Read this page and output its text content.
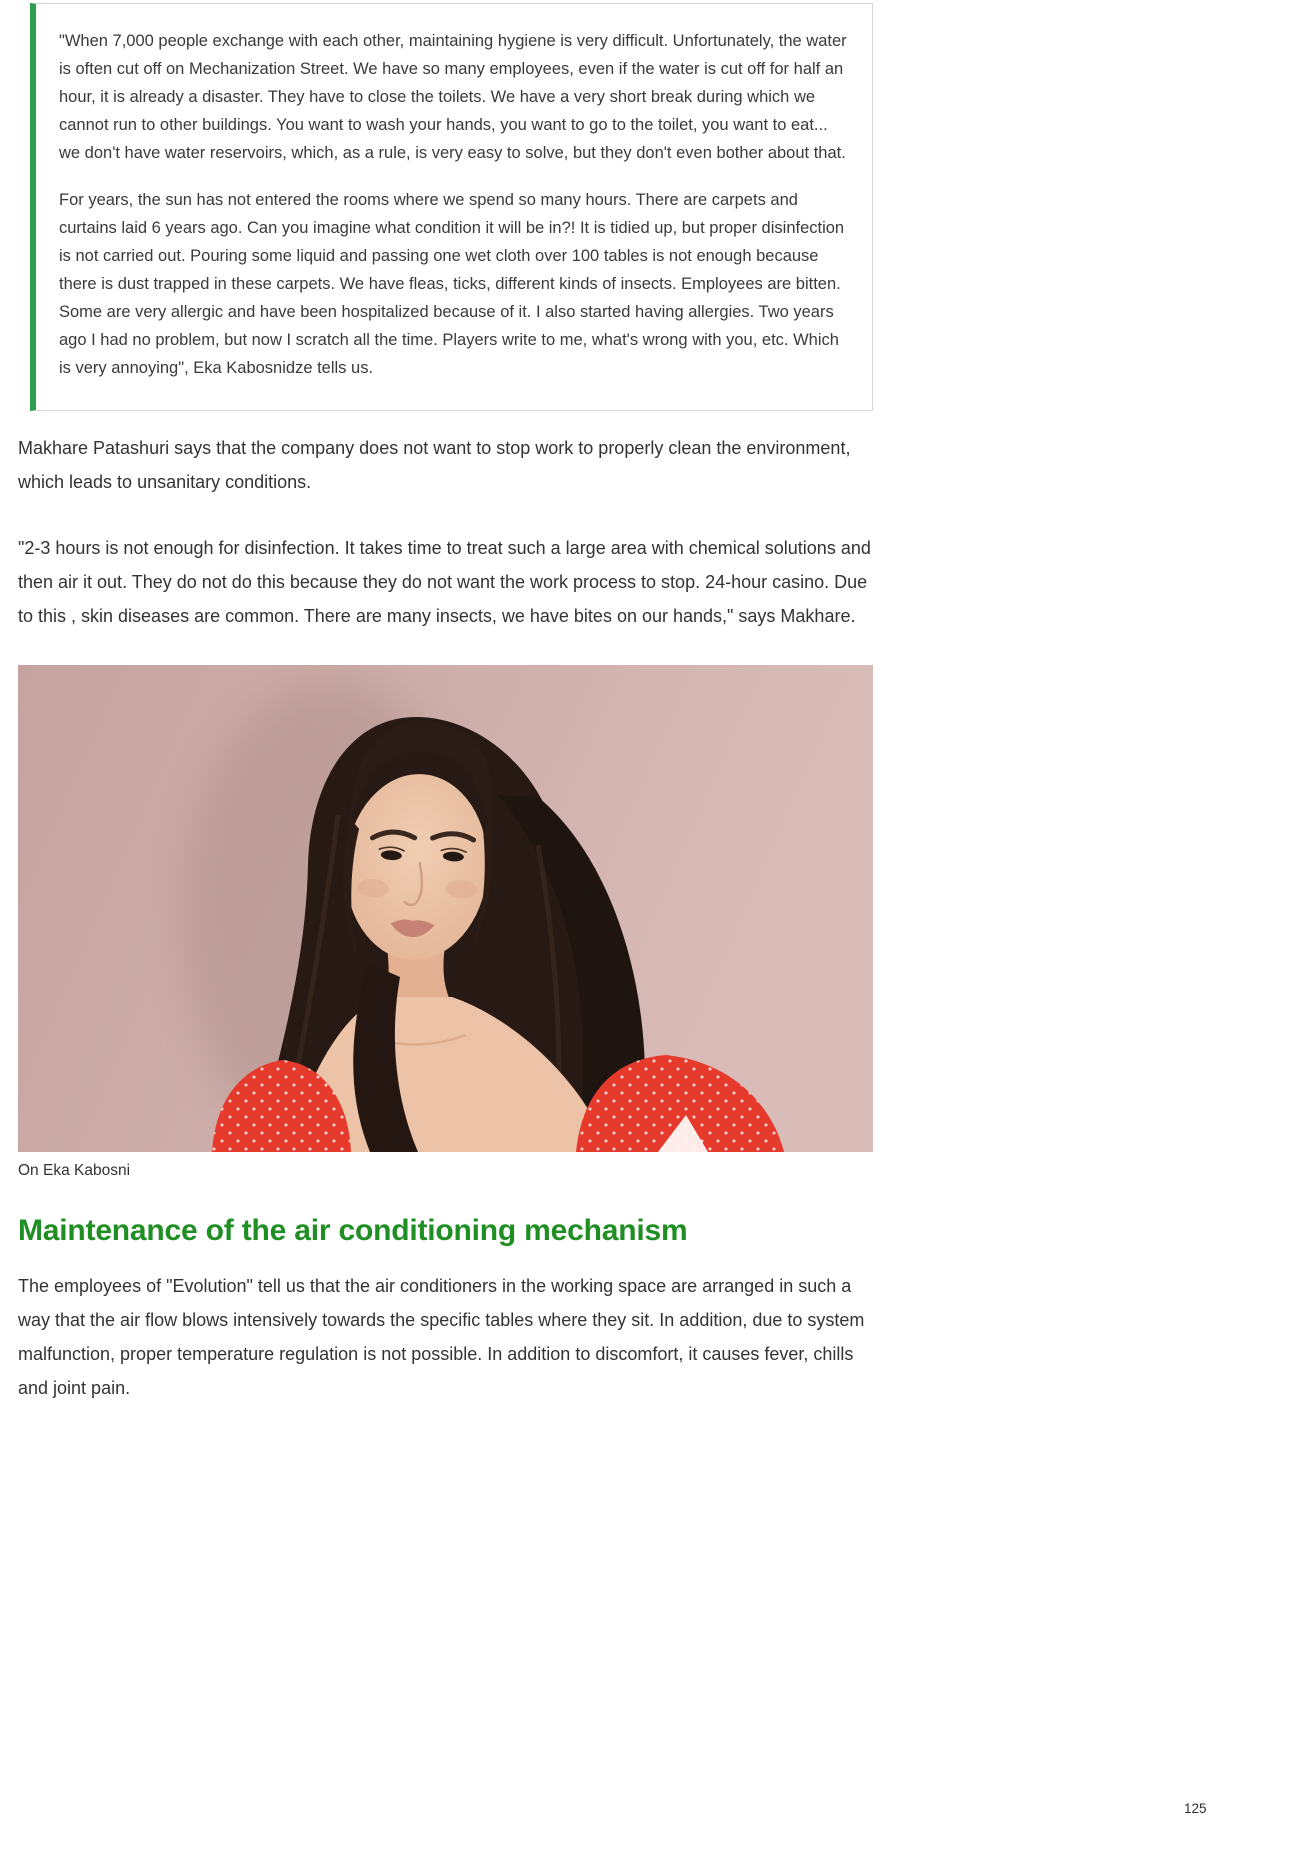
"When 7,000 people exchange with each other, maintaining hygiene is very difficult. Unfortunately, the water is often cut off on Mechanization Street. We have so many employees, even if the water is cut off for half an hour, it is already a disaster. They have to close the toilets. We have a very short break during which we cannot run to other buildings. You want to wash your hands, you want to go to the toilet, you want to eat... we don't have water reservoirs, which, as a rule, is very easy to solve, but they don't even bother about that.

For years, the sun has not entered the rooms where we spend so many hours. There are carpets and curtains laid 6 years ago. Can you imagine what condition it will be in?! It is tidied up, but proper disinfection is not carried out. Pouring some liquid and passing one wet cloth over 100 tables is not enough because there is dust trapped in these carpets. We have fleas, ticks, different kinds of insects. Employees are bitten. Some are very allergic and have been hospitalized because of it. I also started having allergies. Two years ago I had no problem, but now I scratch all the time. Players write to me, what's wrong with you, etc. Which is very annoying", Eka Kabosnidze tells us.

Makhare Patashuri says that the company does not want to stop work to properly clean the environment, which leads to unsanitary conditions.

"2-3 hours is not enough for disinfection. It takes time to treat such a large area with chemical solutions and then air it out. They do not do this because they do not want the work process to stop. 24-hour casino. Due to this , skin diseases are common. There are many insects, we have bites on our hands," says Makhare.

On Eka Kabosni
Maintenance of the air conditioning mechanism

The employees of "Evolution" tell us that the air conditioners in the working space are arranged in such a way that the air flow blows intensively towards the specific tables where they sit. In addition, due to system malfunction, proper temperature regulation is not possible. In addition to discomfort, it causes fever, chills and joint pain.

125
